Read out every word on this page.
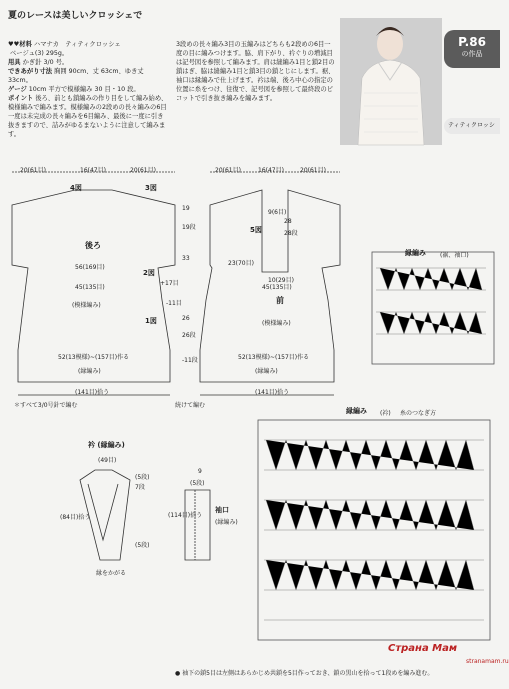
夏のレースは美しいクロッシェで
♥♥材料 ハマナカ　ティティクロッシェ
ベージュ(3) 295g。
用具 かぎ針 3/0 号。
できあがり寸法 胸囲 90cm、丈 63cm、ゆき丈 33cm。
ゲージ 10cm 平方で模様編み 30 目・10 段。
ポイント 後ろ、前とも鎖編みの作り目をして編み始め、模様編みで編みます。模様編みの2段めの長々編みの6目一度は未完成の長々編みを6目編み、最後に一度に引き抜きますので、詰みがゆるまないように注意して編みます。

3段めの長々編み3目の玉編みはどちらも2段めの6目一度の目に編みつけます。脇、肩下がり、衿ぐりの増減目は記号図を参照して編みます。肩は縫編み1目と鎖2目の鎖はぎ、脇は縫編み1目と鎖3目の鎖とじにします。裾、袖口は縁編みで仕上げます。衿は端、後ろ中心の指定の位置に糸をつけ、往復で、記号図を参照して最終段のピコットで引き抜き編みを編みます。

P.86
の作品
ティティクロッシ
20(61目)	16(47目)	20(61目)
4図	3図
後ろ
2図
56(169目)
45(135目)
(模様編み)
1図
52(13模様)~(157目)作る
(縁編み)
(141目)拾う
19
19段
+17目
-11目
33
26
26段
-11段
20(61目)	16(47目)	20(61目)
9(6目)
28
28段
5図
23(70目)
10(29目)
前
45(135目)
(模様編み)
52(13模様)~(157目)作る
(縁編み)
(141目)拾う
＊すべて3/0号針で編む	続けて編む
衿 (縁編み)
(49目)
(84目)拾う
(5段)
7段
縁をかがる
(5段)
袖口
(縁編み)
(114目)拾う
(5段)
9
縁編み (裾、袖口)
縁編み (衿) 糸のつなぎ方
● 袖下の鎖5目は左側はあらかじめ共鎖を5目作っておき、鎖の黒山を拾って1段めを編み進む。
Страна Мам
stranamam.ru
